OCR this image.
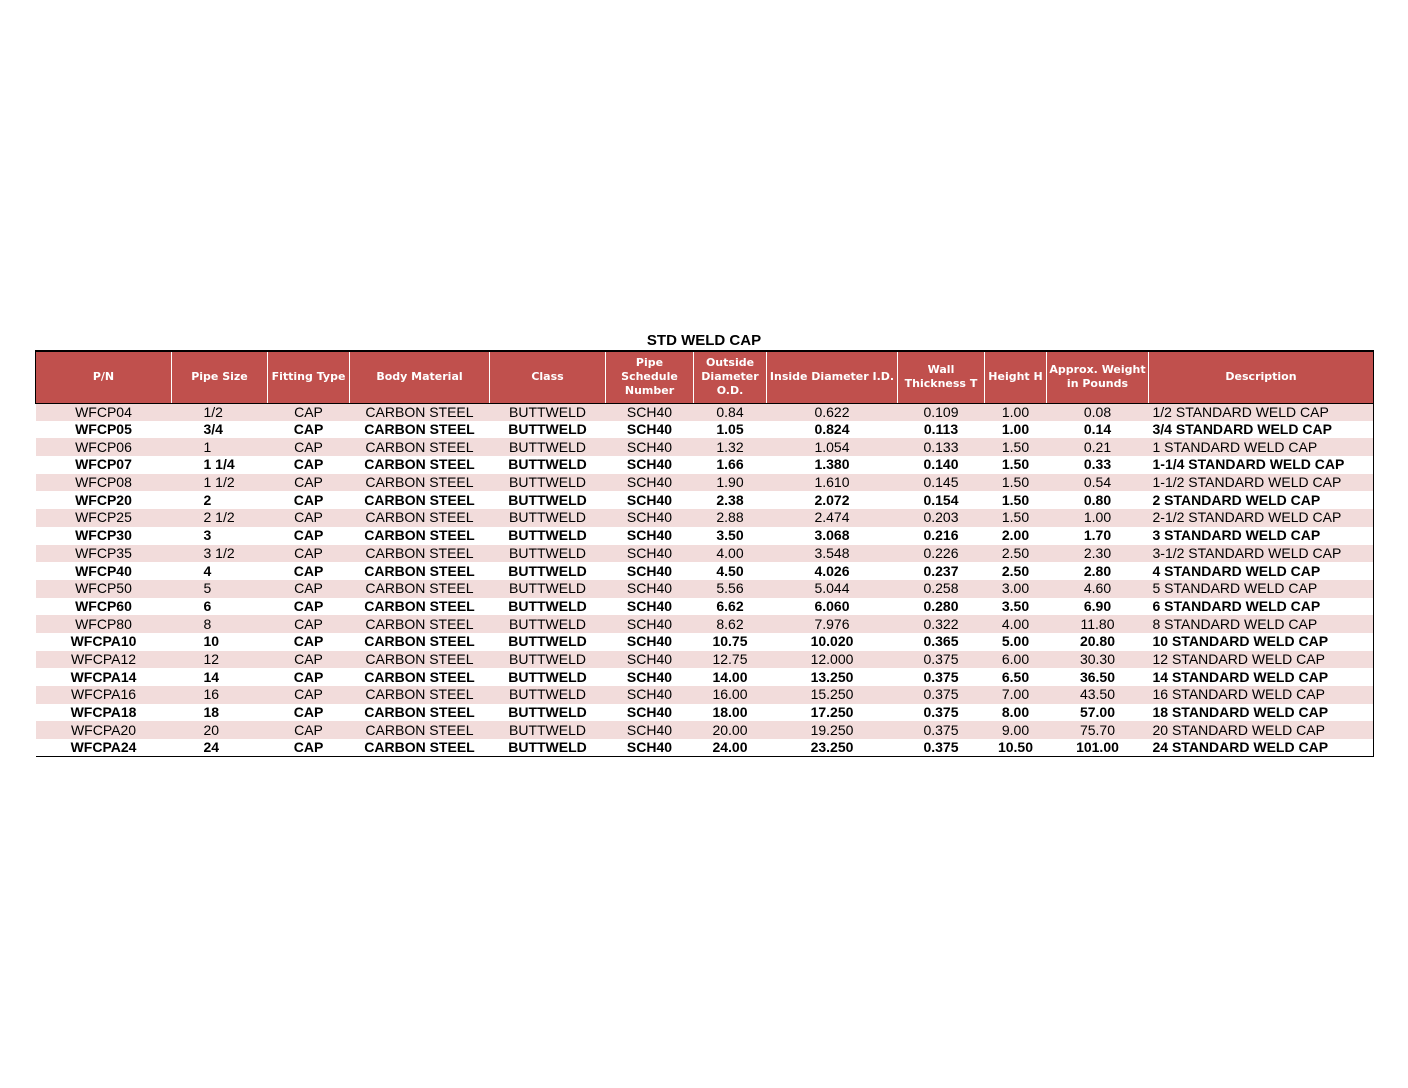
STD WELD CAP
P/N	Pipe Size	Fitting Type	Body Material	Class	Pipe Schedule Number	Outside Diameter O.D.	Inside Diameter I.D.	Wall Thickness T	Height H	Approx. Weight in Pounds	Description
WFCP04	1/2	CAP	CARBON STEEL	BUTTWELD	SCH40	0.84	0.622	0.109	1.00	0.08	1/2 STANDARD WELD CAP
WFCP05	3/4	CAP	CARBON STEEL	BUTTWELD	SCH40	1.05	0.824	0.113	1.00	0.14	3/4 STANDARD WELD CAP
WFCP06	1	CAP	CARBON STEEL	BUTTWELD	SCH40	1.32	1.054	0.133	1.50	0.21	1 STANDARD WELD CAP
WFCP07	1 1/4	CAP	CARBON STEEL	BUTTWELD	SCH40	1.66	1.380	0.140	1.50	0.33	1-1/4 STANDARD WELD CAP
WFCP08	1 1/2	CAP	CARBON STEEL	BUTTWELD	SCH40	1.90	1.610	0.145	1.50	0.54	1-1/2 STANDARD WELD CAP
WFCP20	2	CAP	CARBON STEEL	BUTTWELD	SCH40	2.38	2.072	0.154	1.50	0.80	2 STANDARD WELD CAP
WFCP25	2 1/2	CAP	CARBON STEEL	BUTTWELD	SCH40	2.88	2.474	0.203	1.50	1.00	2-1/2 STANDARD WELD CAP
WFCP30	3	CAP	CARBON STEEL	BUTTWELD	SCH40	3.50	3.068	0.216	2.00	1.70	3 STANDARD WELD CAP
WFCP35	3 1/2	CAP	CARBON STEEL	BUTTWELD	SCH40	4.00	3.548	0.226	2.50	2.30	3-1/2 STANDARD WELD CAP
WFCP40	4	CAP	CARBON STEEL	BUTTWELD	SCH40	4.50	4.026	0.237	2.50	2.80	4 STANDARD WELD CAP
WFCP50	5	CAP	CARBON STEEL	BUTTWELD	SCH40	5.56	5.044	0.258	3.00	4.60	5 STANDARD WELD CAP
WFCP60	6	CAP	CARBON STEEL	BUTTWELD	SCH40	6.62	6.060	0.280	3.50	6.90	6 STANDARD WELD CAP
WFCP80	8	CAP	CARBON STEEL	BUTTWELD	SCH40	8.62	7.976	0.322	4.00	11.80	8 STANDARD WELD CAP
WFCPA10	10	CAP	CARBON STEEL	BUTTWELD	SCH40	10.75	10.020	0.365	5.00	20.80	10 STANDARD WELD CAP
WFCPA12	12	CAP	CARBON STEEL	BUTTWELD	SCH40	12.75	12.000	0.375	6.00	30.30	12 STANDARD WELD CAP
WFCPA14	14	CAP	CARBON STEEL	BUTTWELD	SCH40	14.00	13.250	0.375	6.50	36.50	14 STANDARD WELD CAP
WFCPA16	16	CAP	CARBON STEEL	BUTTWELD	SCH40	16.00	15.250	0.375	7.00	43.50	16 STANDARD WELD CAP
WFCPA18	18	CAP	CARBON STEEL	BUTTWELD	SCH40	18.00	17.250	0.375	8.00	57.00	18 STANDARD WELD CAP
WFCPA20	20	CAP	CARBON STEEL	BUTTWELD	SCH40	20.00	19.250	0.375	9.00	75.70	20 STANDARD WELD CAP
WFCPA24	24	CAP	CARBON STEEL	BUTTWELD	SCH40	24.00	23.250	0.375	10.50	101.00	24 STANDARD WELD CAP
